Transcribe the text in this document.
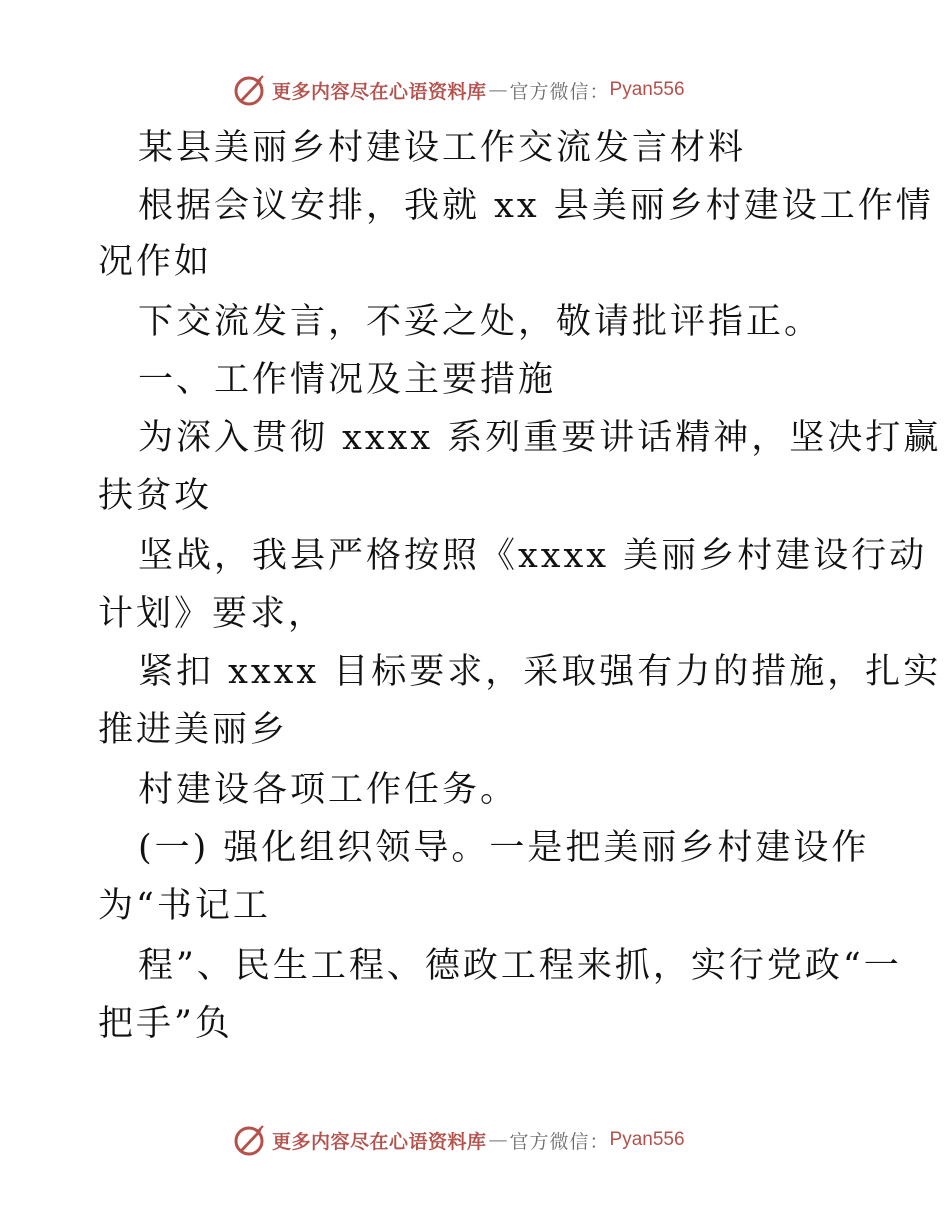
更多内容尽在心语资料库 — 官方微信： Pyan556
某县美丽乡村建设工作交流发言材料
根据会议安排，我就 xx 县美丽乡村建设工作情
况作如
下交流发言，不妥之处，敬请批评指正。
一、工作情况及主要措施
为深入贯彻 xxxx 系列重要讲话精神，坚决打赢
扶贫攻
坚战，我县严格按照《xxxx 美丽乡村建设行动
计划》要求，
紧扣 xxxx 目标要求，采取强有力的措施，扎实
推进美丽乡
村建设各项工作任务。
(一) 强化组织领导。一是把美丽乡村建设作
为“书记工
程”、民生工程、德政工程来抓，实行党政“一
把手”负
更多内容尽在心语资料库 — 官方微信： Pyan556
